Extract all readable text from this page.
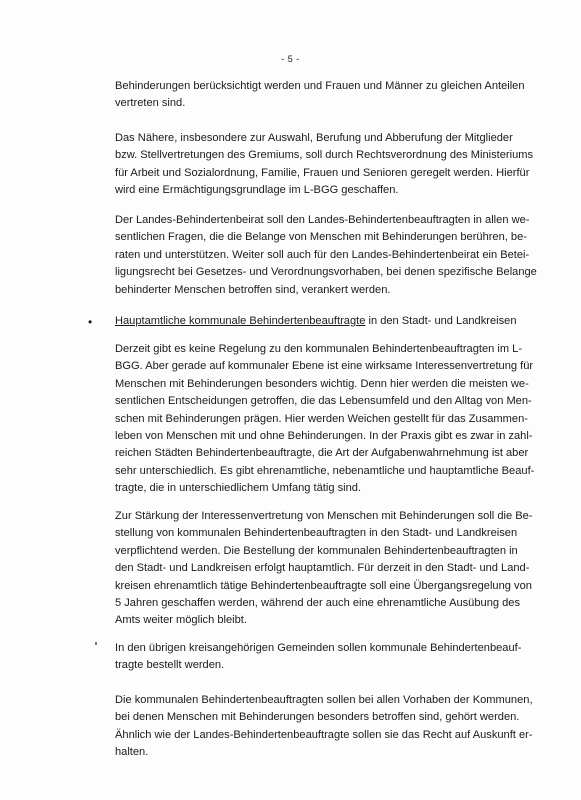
- 5 -
Behinderungen berücksichtigt werden und Frauen und Männer zu gleichen Anteilen
vertreten sind.
Das Nähere, insbesondere zur Auswahl, Berufung und Abberufung der Mitglieder
bzw. Stellvertretungen des Gremiums, soll durch Rechtsverordnung des Ministeriums
für Arbeit und Sozialordnung, Familie, Frauen und Senioren geregelt werden. Hierfür
wird eine Ermächtigungsgrundlage im L-BGG geschaffen.
Der Landes-Behindertenbeirat soll den Landes-Behindertenbeauftragten in allen we-
sentlichen Fragen, die die Belange von Menschen mit Behinderungen berühren, be-
raten und unterstützen. Weiter soll auch für den Landes-Behindertenbeirat ein Betei-
ligungsrecht bei Gesetzes- und Verordnungsvorhaben, bei denen spezifische Belange
behinderter Menschen betroffen sind, verankert werden.
• Hauptamtliche kommunale Behindertenbeauftragte in den Stadt- und Landkreisen
Derzeit gibt es keine Regelung zu den kommunalen Behindertenbeauftragten im L-
BGG. Aber gerade auf kommunaler Ebene ist eine wirksame Interessenvertretung für
Menschen mit Behinderungen besonders wichtig. Denn hier werden die meisten we-
sentlichen Entscheidungen getroffen, die das Lebensumfeld und den Alltag von Men-
schen mit Behinderungen prägen. Hier werden Weichen gestellt für das Zusammen-
leben von Menschen mit und ohne Behinderungen. In der Praxis gibt es zwar in zahl-
reichen Städten Behindertenbeauftragte, die Art der Aufgabenwahrnehmung ist aber
sehr unterschiedlich. Es gibt ehrenamtliche, nebenamtliche und hauptamtliche Beauf-
tragte, die in unterschiedlichem Umfang tätig sind.
Zur Stärkung der Interessenvertretung von Menschen mit Behinderungen soll die Be-
stellung von kommunalen Behindertenbeauftragten in den Stadt- und Landkreisen
verpflichtend werden. Die Bestellung der kommunalen Behindertenbeauftragten in
den Stadt- und Landkreisen erfolgt hauptamtlich. Für derzeit in den Stadt- und Land-
kreisen ehrenamtlich tätige Behindertenbeauftragte soll eine Übergangsregelung von
5 Jahren geschaffen werden, während der auch eine ehrenamtliche Ausübung des
Amts weiter möglich bleibt.
In den übrigen kreisangehörigen Gemeinden sollen kommunale Behindertenbeauf-
tragte bestellt werden.
Die kommunalen Behindertenbeauftragten sollen bei allen Vorhaben der Kommunen,
bei denen Menschen mit Behinderungen besonders betroffen sind, gehört werden.
Ähnlich wie der Landes-Behindertenbeauftragte sollen sie das Recht auf Auskunft er-
halten.
